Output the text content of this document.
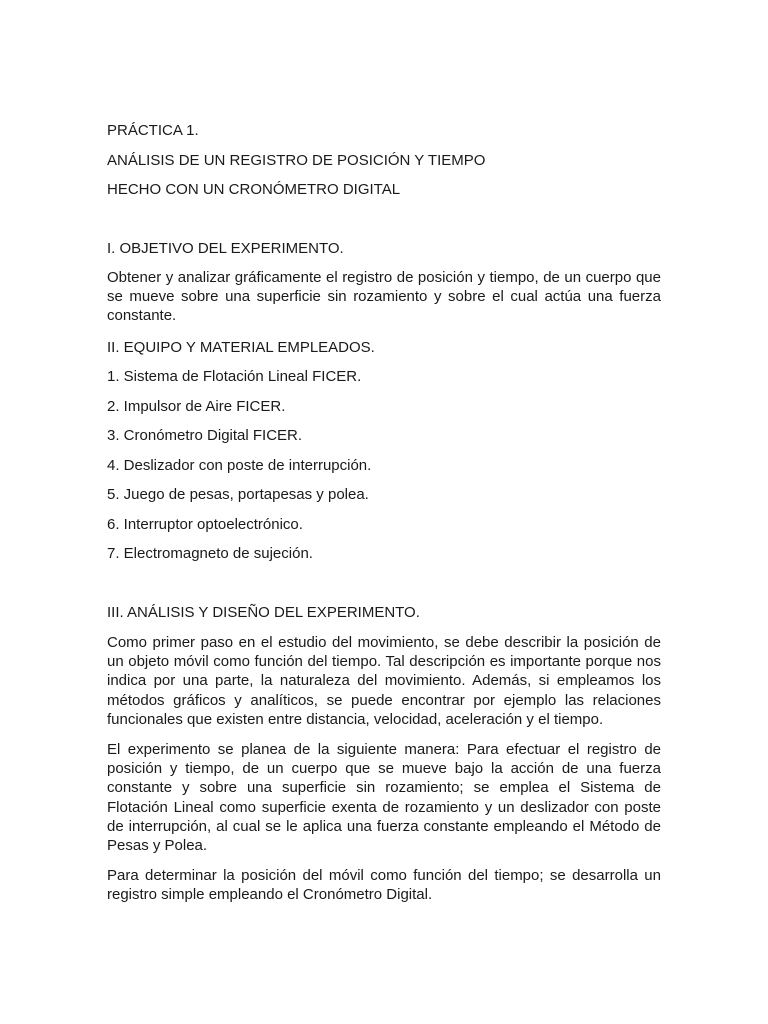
PRÁCTICA 1.

ANÁLISIS DE UN REGISTRO DE POSICIÓN Y TIEMPO

HECHO CON UN CRONÓMETRO DIGITAL

I. OBJETIVO DEL EXPERIMENTO.

Obtener y analizar gráficamente el registro de posición y tiempo, de un cuerpo que se mueve sobre una superficie sin rozamiento y sobre el cual actúa una fuerza constante.

II. EQUIPO Y MATERIAL EMPLEADOS.

1. Sistema de Flotación Lineal FICER.

2. Impulsor de Aire FICER.

3. Cronómetro Digital FICER.

4. Deslizador con poste de interrupción.

5. Juego de pesas, portapesas y polea.

6. Interruptor optoelectrónico.

7. Electromagneto de sujeción.

III. ANÁLISIS Y DISEÑO DEL EXPERIMENTO.

Como primer paso en el estudio del movimiento, se debe describir la posición de un objeto móvil como función del tiempo. Tal descripción es importante porque nos indica por una parte, la naturaleza del movimiento. Además, si empleamos los métodos gráficos y analíticos, se puede encontrar por ejemplo las relaciones funcionales que existen entre distancia, velocidad, aceleración y el tiempo.

El experimento se planea de la siguiente manera: Para efectuar el registro de posición y tiempo, de un cuerpo que se mueve bajo la acción de una fuerza constante y sobre una superficie sin rozamiento; se emplea el Sistema de Flotación Lineal como superficie exenta de rozamiento y un deslizador con poste de interrupción, al cual se le aplica una fuerza constante empleando el Método de Pesas y Polea.

Para determinar la posición del móvil como función del tiempo; se desarrolla un registro simple empleando el Cronómetro Digital.
